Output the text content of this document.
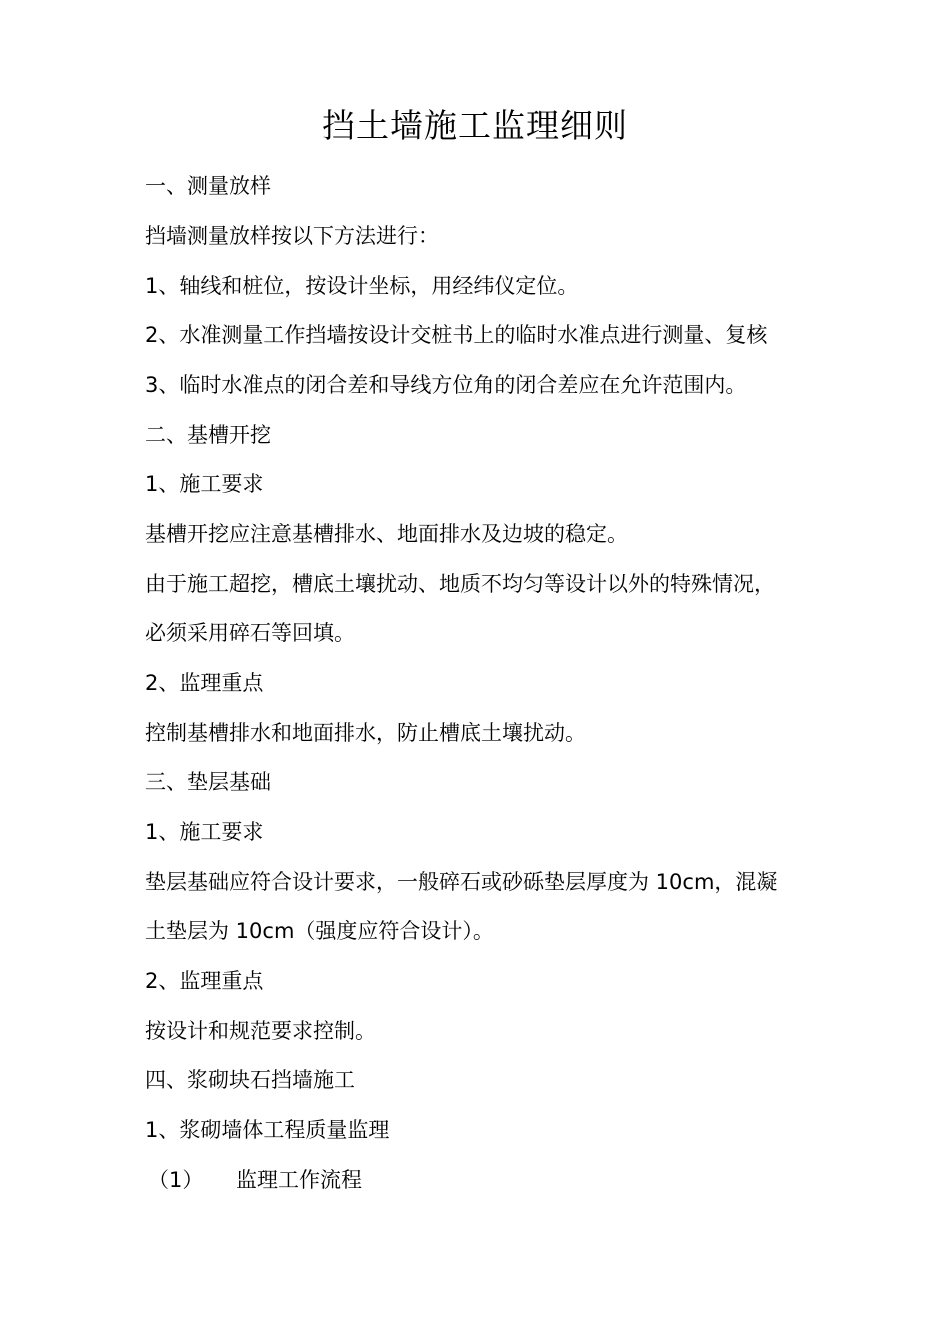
挡土墙施工监理细则
一、测量放样
挡墙测量放样按以下方法进行：
1、轴线和桩位，按设计坐标，用经纬仪定位。
2、水准测量工作挡墙按设计交桩书上的临时水准点进行测量、复核
3、临时水准点的闭合差和导线方位角的闭合差应在允许范围内。
二、基槽开挖
1、施工要求
基槽开挖应注意基槽排水、地面排水及边坡的稳定。
由于施工超挖，槽底土壤扰动、地质不均匀等设计以外的特殊情况，
必须采用碎石等回填。
2、监理重点
控制基槽排水和地面排水，防止槽底土壤扰动。
三、垫层基础
1、施工要求
垫层基础应符合设计要求，一般碎石或砂砾垫层厚度为 10cm，混凝
土垫层为 10cm（强度应符合设计）。
2、监理重点
按设计和规范要求控制。
四、浆砌块石挡墙施工
1、浆砌墙体工程质量监理
（1） 监理工作流程
